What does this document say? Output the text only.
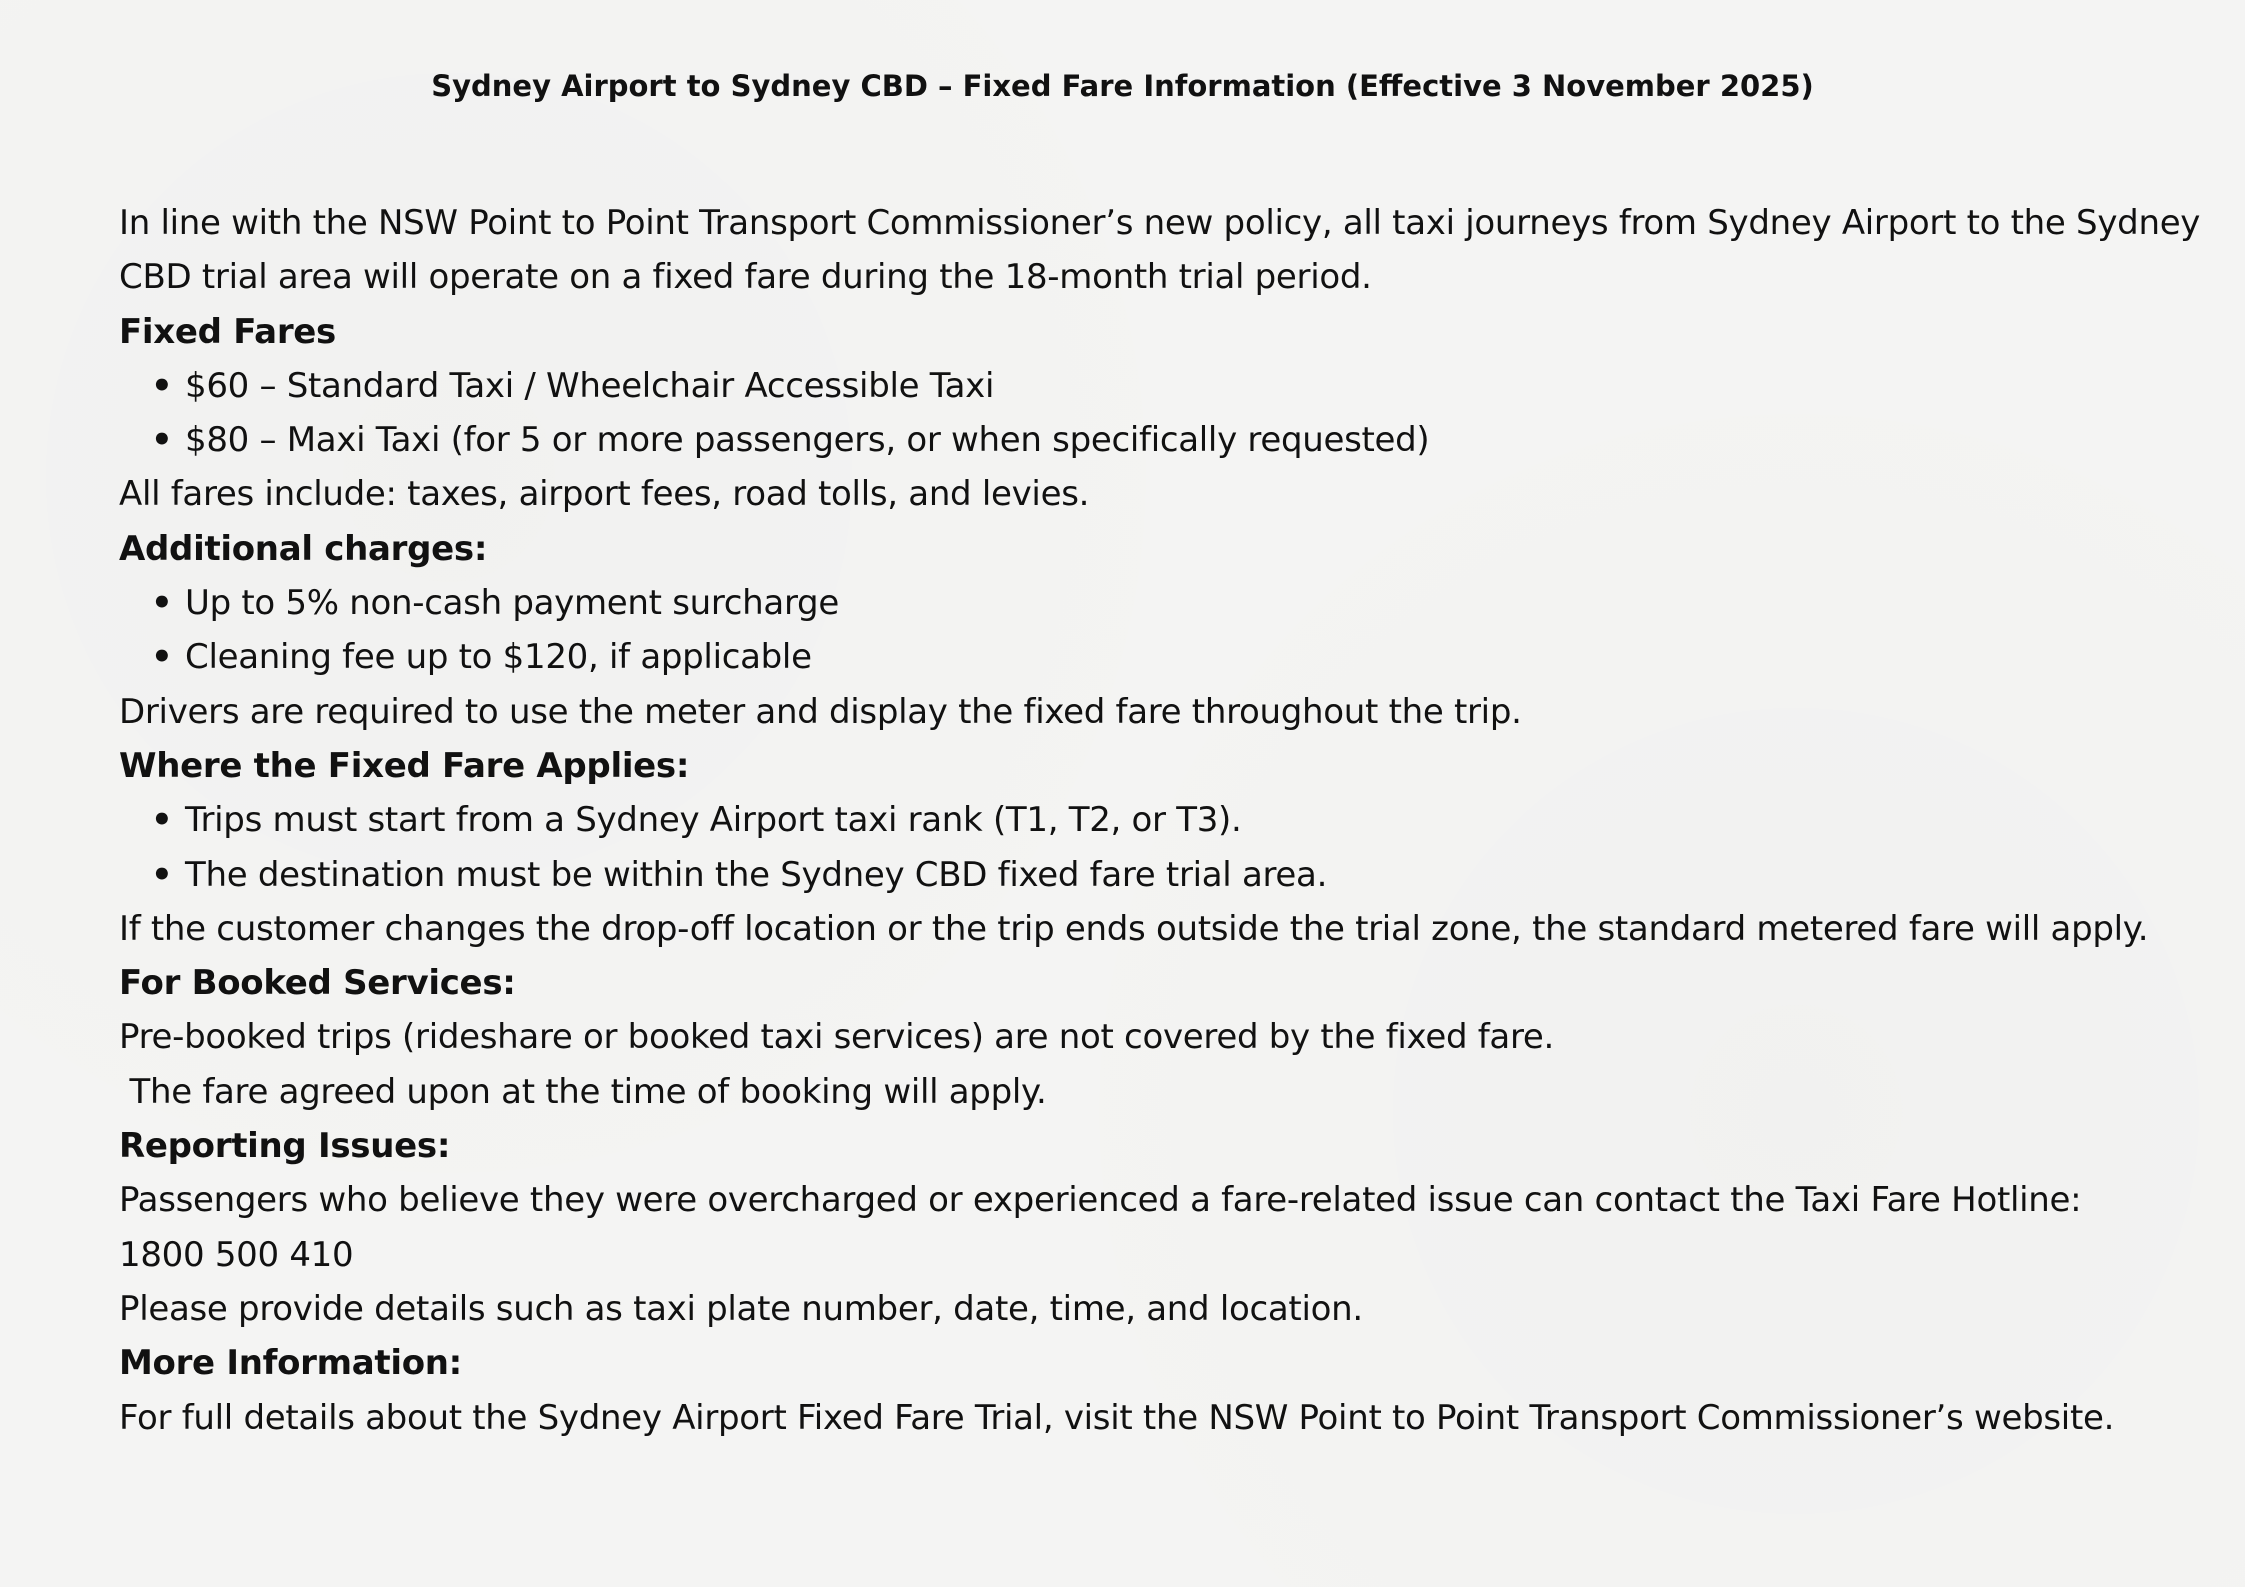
Sydney Airport to Sydney CBD – Fixed Fare Information (Effective 3 November 2025)
In line with the NSW Point to Point Transport Commissioner’s new policy, all taxi journeys from Sydney Airport to the Sydney
CBD trial area will operate on a fixed fare during the 18-month trial period.
Fixed Fares
• $60 – Standard Taxi / Wheelchair Accessible Taxi
• $80 – Maxi Taxi (for 5 or more passengers, or when specifically requested)
All fares include: taxes, airport fees, road tolls, and levies.
Additional charges:
• Up to 5% non-cash payment surcharge
• Cleaning fee up to $120, if applicable
Drivers are required to use the meter and display the fixed fare throughout the trip.
Where the Fixed Fare Applies:
• Trips must start from a Sydney Airport taxi rank (T1, T2, or T3).
• The destination must be within the Sydney CBD fixed fare trial area.
If the customer changes the drop-off location or the trip ends outside the trial zone, the standard metered fare will apply.
For Booked Services:
Pre-booked trips (rideshare or booked taxi services) are not covered by the fixed fare.
The fare agreed upon at the time of booking will apply.
Reporting Issues:
Passengers who believe they were overcharged or experienced a fare-related issue can contact the Taxi Fare Hotline:
1800 500 410
Please provide details such as taxi plate number, date, time, and location.
More Information:
For full details about the Sydney Airport Fixed Fare Trial, visit the NSW Point to Point Transport Commissioner’s website.
